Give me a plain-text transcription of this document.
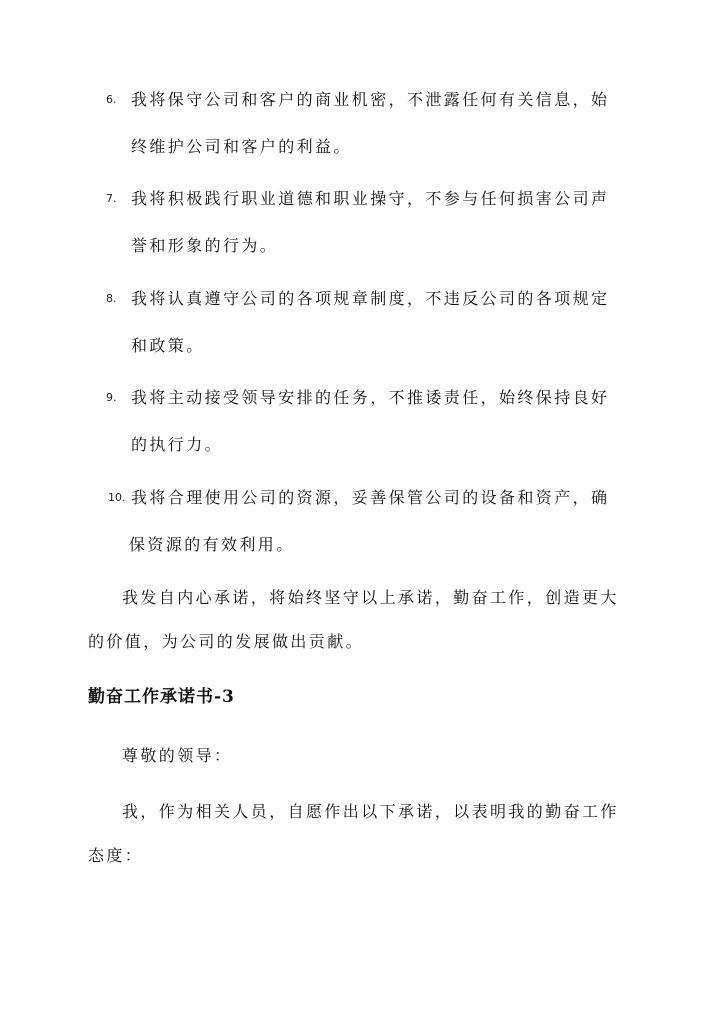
6. 我将保守公司和客户的商业机密，不泄露任何有关信息，始
终维护公司和客户的利益。
7. 我将积极践行职业道德和职业操守，不参与任何损害公司声
誉和形象的行为。
8. 我将认真遵守公司的各项规章制度，不违反公司的各项规定
和政策。
9. 我将主动接受领导安排的任务，不推诿责任，始终保持良好
的执行力。
10. 我将合理使用公司的资源，妥善保管公司的设备和资产，确
保资源的有效利用。
我发自内心承诺，将始终坚守以上承诺，勤奋工作，创造更大
的价值，为公司的发展做出贡献。
勤奋工作承诺书-3
尊敬的领导：
我，作为相关人员，自愿作出以下承诺，以表明我的勤奋工作
态度：
